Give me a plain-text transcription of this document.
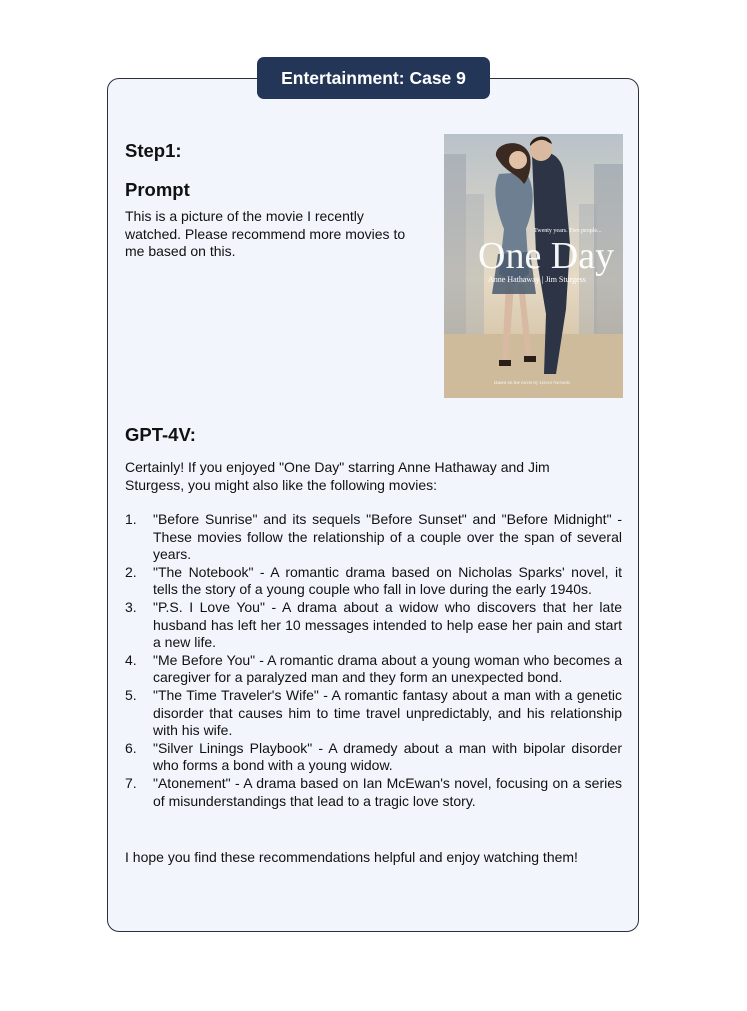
Entertainment: Case 9
Step1:
Prompt

This is a picture of the movie I recently watched. Please recommend more movies to me based on this.

Twenty years. Two people...
One Day
Anne Hathaway | Jim Sturgess
Based on the novel by David Nicholls
GPT-4V:

Certainly! If you enjoyed "One Day" starring Anne Hathaway and Jim Sturgess, you might also like the following movies:

1. "Before Sunrise" and its sequels "Before Sunset" and "Before Midnight" - These movies follow the relationship of a couple over the span of several years.
2. "The Notebook" - A romantic drama based on Nicholas Sparks' novel, it tells the story of a young couple who fall in love during the early 1940s.
3. "P.S. I Love You" - A drama about a widow who discovers that her late husband has left her 10 messages intended to help ease her pain and start a new life.
4. "Me Before You" - A romantic drama about a young woman who becomes a caregiver for a paralyzed man and they form an unexpected bond.
5. "The Time Traveler's Wife" - A romantic fantasy about a man with a genetic disorder that causes him to time travel unpredictably, and his relationship with his wife.
6. "Silver Linings Playbook" - A dramedy about a man with bipolar disorder who forms a bond with a young widow.
7. "Atonement" - A drama based on Ian McEwan's novel, focusing on a series of misunderstandings that lead to a tragic love story.

I hope you find these recommendations helpful and enjoy watching them!
